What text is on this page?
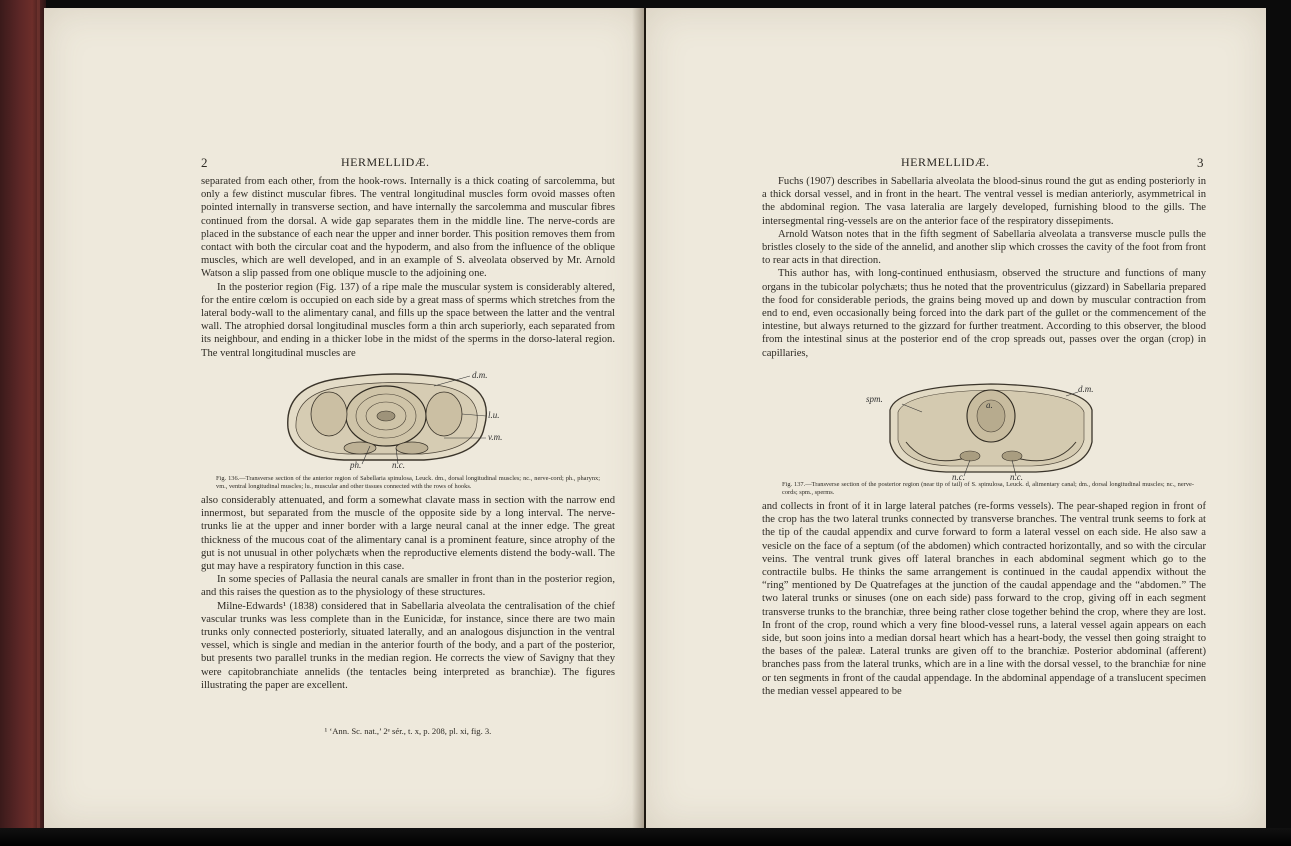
2	HERMELLIDÆ.

separated from each other, from the hook-rows. Internally is a thick coating of sarcolemma, but only a few distinct muscular fibres. The ventral longitudinal muscles form ovoid masses often pointed internally in transverse section, and have internally the sarcolemma and muscular fibres continued from the dorsal. A wide gap separates them in the middle line. The nerve-cords are placed in the substance of each near the upper and inner border. This position removes them from contact with both the circular coat and the hypoderm, and also from the influence of the oblique muscles, which are well developed, and in an example of S. alveolata observed by Mr. Arnold Watson a slip passed from one oblique muscle to the adjoining one.

In the posterior region (Fig. 137) of a ripe male the muscular system is considerably altered, for the entire cœlom is occupied on each side by a great mass of sperms which stretches from the lateral body-wall to the alimentary canal, and fills up the space between the latter and the ventral wall. The atrophied dorsal longitudinal muscles form a thin arch superiorly, each separated from its neighbour, and ending in a thicker lobe in the midst of the sperms in the dorso-lateral region. The ventral longitudinal muscles are

d.m.
l.u.
v.m.
ph.	n.c.
Fig. 136.—Transverse section of the anterior region of Sabellaria spinulosa, Leuck. dm., dorsal longitudinal muscles; nc., nerve-cord; ph., pharynx; vm., ventral longitudinal muscles; lu., muscular and other tissues connected with the rows of hooks.

also considerably attenuated, and form a somewhat clavate mass in section with the narrow end innermost, but separated from the muscle of the opposite side by a long interval. The nerve-trunks lie at the upper and inner border with a large neural canal at the inner edge. The great thickness of the mucous coat of the alimentary canal is a prominent feature, since atrophy of the gut is not unusual in other polychæts when the reproductive elements distend the body-wall. The gut may have a respiratory function in this case.

In some species of Pallasia the neural canals are smaller in front than in the posterior region, and this raises the question as to the physiology of these structures.

Milne-Edwards¹ (1838) considered that in Sabellaria alveolata the centralisation of the chief vascular trunks was less complete than in the Eunicidæ, for instance, since there are two main trunks only connected posteriorly, situated laterally, and an analogous disjunction in the ventral vessel, which is single and median in the anterior fourth of the body, and a part of the posterior, but presents two parallel trunks in the median region. He corrects the view of Savigny that they were capitobranchiate annelids (the tentacles being interpreted as branchiæ). The figures illustrating the paper are excellent.

¹ ‘Ann. Sc. nat.,’ 2ᵉ sér., t. x, p. 208, pl. xi, fig. 3.
HERMELLIDÆ.	3

Fuchs (1907) describes in Sabellaria alveolata the blood-sinus round the gut as ending posteriorly in a thick dorsal vessel, and in front in the heart. The ventral vessel is median anteriorly, asymmetrical in the abdominal region. The vasa lateralia are largely developed, furnishing blood to the gills. The intersegmental ring-vessels are on the anterior face of the respiratory dissepiments.

Arnold Watson notes that in the fifth segment of Sabellaria alveolata a transverse muscle pulls the bristles closely to the side of the annelid, and another slip which crosses the cavity of the foot from front to rear acts in that direction.

This author has, with long-continued enthusiasm, observed the structure and functions of many organs in the tubicolar polychæts; thus he noted that the proventriculus (gizzard) in Sabellaria prepared the food for considerable periods, the grains being moved up and down by muscular contraction from end to end, even occasionally being forced into the dark part of the gullet or the commencement of the intestine, but always returned to the gizzard for further treatment. According to this observer, the blood from the intestinal sinus at the posterior end of the crop spreads out, passes over the organ (crop) in capillaries,

spm.
d.m.
n.c.	n.c.
a.
Fig. 137.—Transverse section of the posterior region (near tip of tail) of S. spinulosa, Leuck. d, alimentary canal; dm., dorsal longitudinal muscles; nc., nerve-cords; spm., sperms.

and collects in front of it in large lateral patches (re-forms vessels). The pear-shaped region in front of the crop has the two lateral trunks connected by transverse branches. The ventral trunk seems to fork at the tip of the caudal appendix and curve forward to form a lateral vessel on each side. He also saw a vesicle on the face of a septum (of the abdomen) which contracted horizontally, and so with the circular veins. The ventral trunk gives off lateral branches in each abdominal segment which go to the contractile bulbs. He thinks the same arrangement is continued in the caudal appendix without the “ring” mentioned by De Quatrefages at the junction of the caudal appendage and the “abdomen.” The two lateral trunks or sinuses (one on each side) pass forward to the crop, giving off in each segment transverse trunks to the branchiæ, three being rather close together behind the crop, where they are lost. In front of the crop, round which a very fine blood-vessel runs, a lateral vessel again appears on each side, but soon joins into a median dorsal heart which has a heart-body, the vessel then going straight to the bases of the paleæ. Lateral trunks are given off to the branchiæ. Posterior abdominal (afferent) branches pass from the lateral trunks, which are in a line with the dorsal vessel, to the branchiæ for nine or ten segments in front of the caudal appendage. In the abdominal appendage of a translucent specimen the median vessel appeared to be
